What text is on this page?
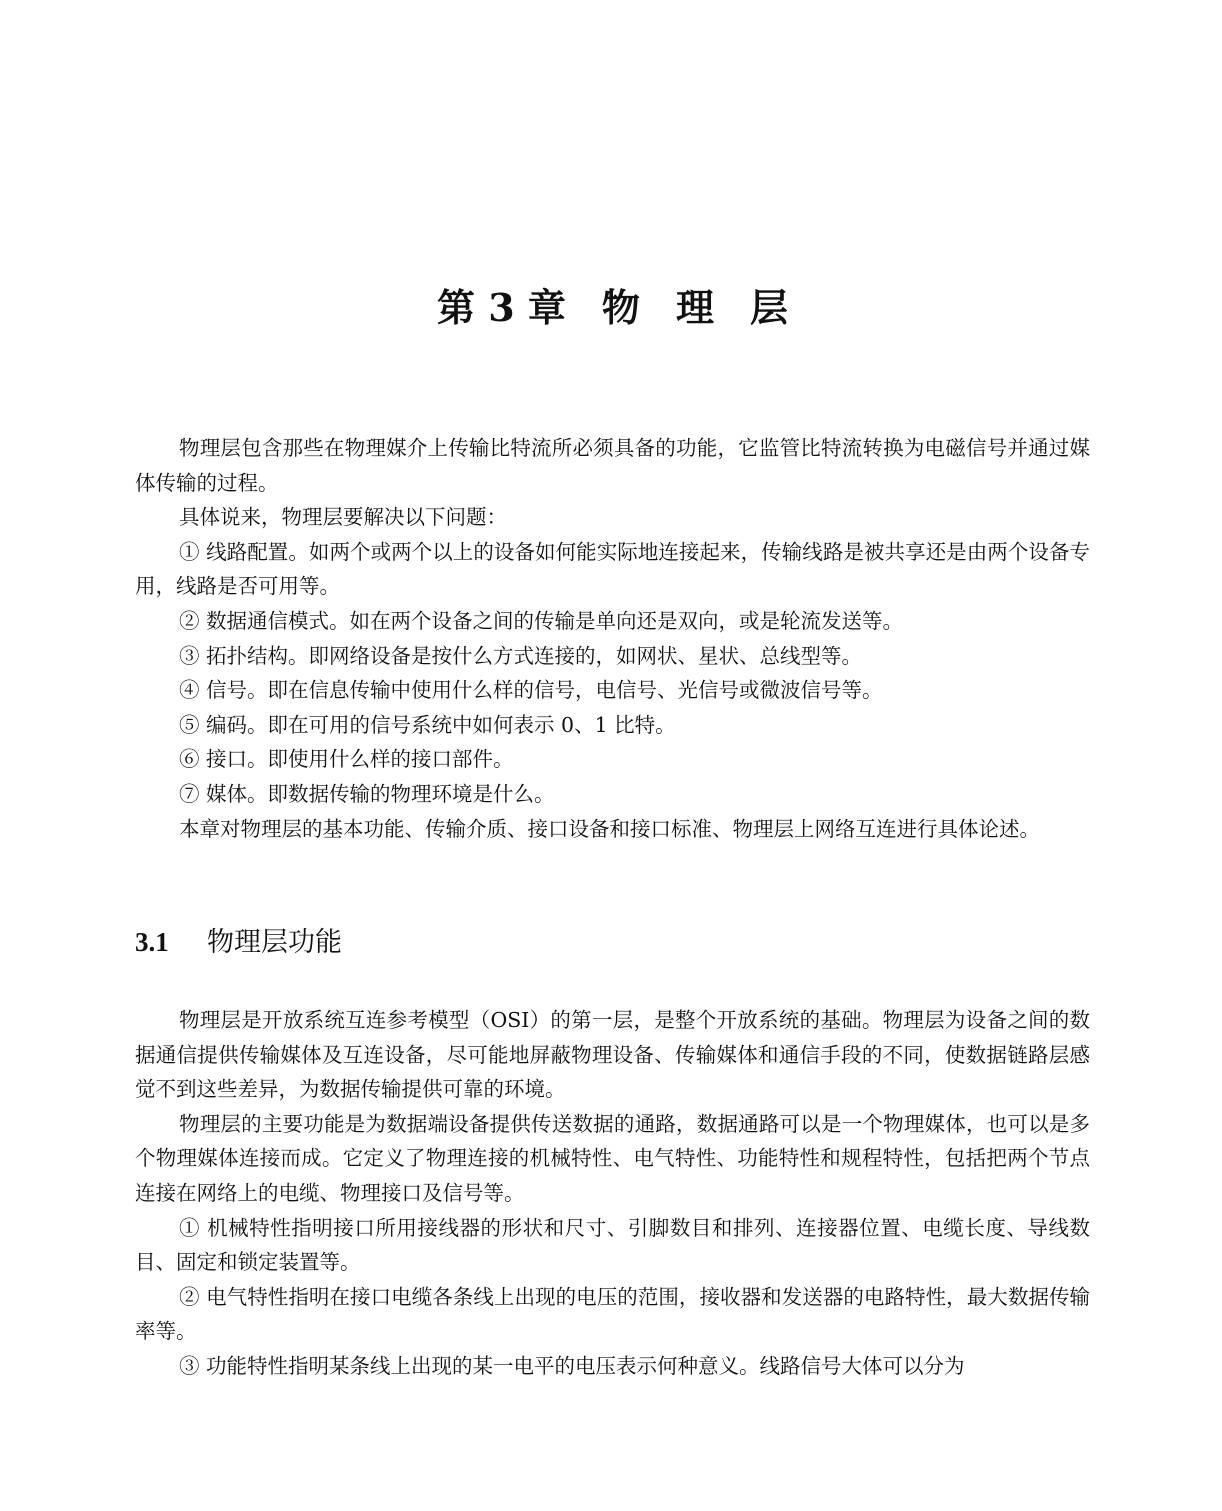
第 3 章 物 理 层

物理层包含那些在物理媒介上传输比特流所必须具备的功能，它监管比特流转换为电磁信号并通过媒体传输的过程。

具体说来，物理层要解决以下问题：

① 线路配置。如两个或两个以上的设备如何能实际地连接起来，传输线路是被共享还是由两个设备专用，线路是否可用等。

② 数据通信模式。如在两个设备之间的传输是单向还是双向，或是轮流发送等。

③ 拓扑结构。即网络设备是按什么方式连接的，如网状、星状、总线型等。

④ 信号。即在信息传输中使用什么样的信号，电信号、光信号或微波信号等。

⑤ 编码。即在可用的信号系统中如何表示 0、1 比特。

⑥ 接口。即使用什么样的接口部件。

⑦ 媒体。即数据传输的物理环境是什么。

本章对物理层的基本功能、传输介质、接口设备和接口标准、物理层上网络互连进行具体论述。

3.1 物理层功能

物理层是开放系统互连参考模型（OSI）的第一层，是整个开放系统的基础。物理层为设备之间的数据通信提供传输媒体及互连设备，尽可能地屏蔽物理设备、传输媒体和通信手段的不同，使数据链路层感觉不到这些差异，为数据传输提供可靠的环境。

物理层的主要功能是为数据端设备提供传送数据的通路，数据通路可以是一个物理媒体，也可以是多个物理媒体连接而成。它定义了物理连接的机械特性、电气特性、功能特性和规程特性，包括把两个节点连接在网络上的电缆、物理接口及信号等。

① 机械特性指明接口所用接线器的形状和尺寸、引脚数目和排列、连接器位置、电缆长度、导线数目、固定和锁定装置等。

② 电气特性指明在接口电缆各条线上出现的电压的范围，接收器和发送器的电路特性，最大数据传输率等。

③ 功能特性指明某条线上出现的某一电平的电压表示何种意义。线路信号大体可以分为
